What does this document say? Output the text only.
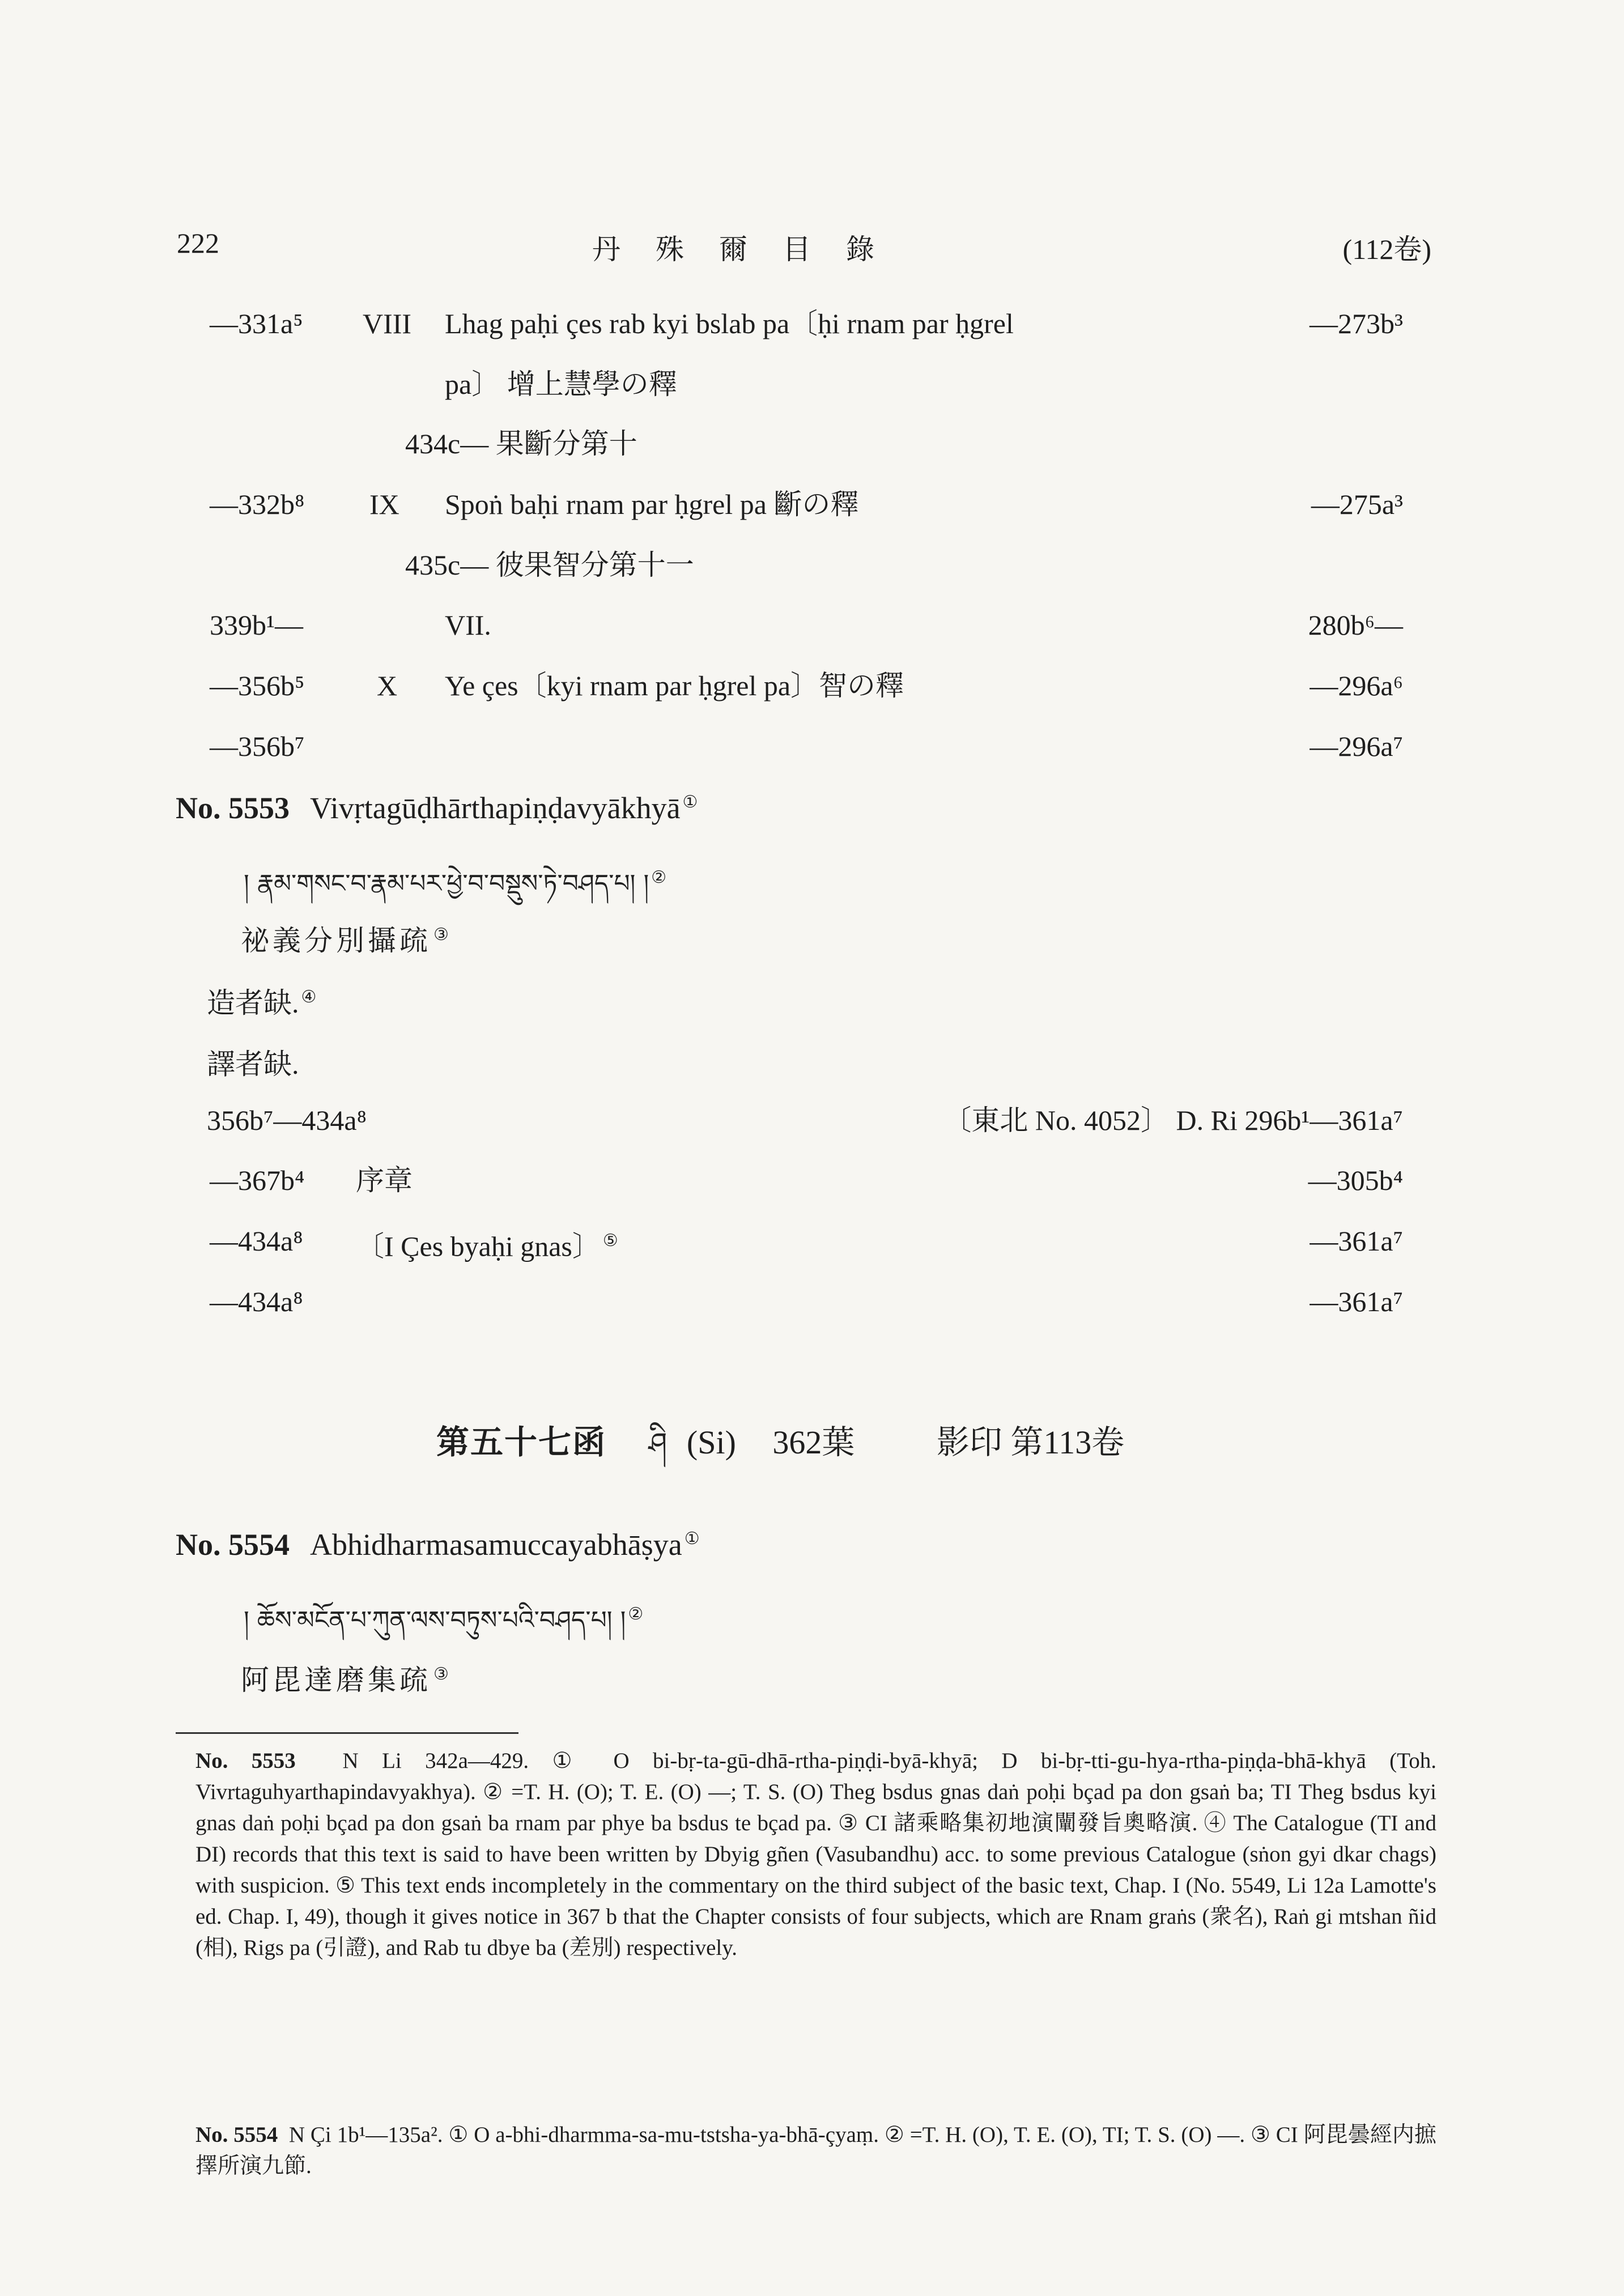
222	丹　殊　爾　目　錄	(112卷)
—331a⁵ VIII Lhag paḥi çes rab kyi bslab pa〔ḥi rnam par ḥgrel	—273b³
pa〕 增上慧學の釋
434c— 果斷分第十
—332b⁸ IX Spoṅ baḥi rnam par ḥgrel pa 斷の釋	—275a³
435c— 彼果智分第十一
339b¹—	VII.	280b⁶—
—356b⁵	X Ye çes〔kyi rnam par ḥgrel pa〕智の釋	—296a⁶
—356b⁷	—296a⁷
No. 5553 Vivṛtagūḍhārthapiṇḍavyākhyā ①
། རྣམ་གསང་བ་རྣམ་པར་ཕྱེ་བ་བསྡུས་ཏེ་བཤད་པ། ། ②
祕義分別攝疏 ③
造者缺. ④
譯者缺.
356b⁷—434a⁸	〔東北 No. 4052〕 D. Ri 296b¹—361a⁷
—367b⁴ 序章	—305b⁴
—434a⁸ 〔I Çes byaḥi gnas〕 ⑤	—361a⁷
—434a⁸	—361a⁷
第五十七函 ཤི (Si) 362葉 影印 第113卷
No. 5554 Abhidharmasamuccayabhāṣya ①
། ཆོས་མངོན་པ་ཀུན་ལས་བཏུས་པའི་བཤད་པ། ། ②
阿毘達磨集疏 ③
No. 5553 N Li 342a—429. ① O bi-bṛ-ta-gū-dhā-rtha-piṇḍi-byā-khyā; D bi-bṛ-tti-gu-hya-rtha-piṇḍa-bhā-khyā (Toh. Vivrtaguhyarthapindavyakhya). ② =T. H. (O); T. E. (O) —; T. S. (O) Theg bsdus gnas daṅ poḥi bçad pa don gsaṅ ba; TI Theg bsdus kyi gnas daṅ poḥi bçad pa don gsaṅ ba rnam par phye ba bsdus te bçad pa. ③ CI 諸乘略集初地演闡發旨奧略演. ④ The Catalogue (TI and DI) records that this text is said to have been written by Dbyig gñen (Vasubandhu) acc. to some previous Catalogue (sṅon gyi dkar chags) with suspicion. ⑤ This text ends incompletely in the commentary on the third subject of the basic text, Chap. I (No. 5549, Li 12a Lamotte's ed. Chap. I, 49), though it gives notice in 367 b that the Chapter consists of four subjects, which are Rnam graṅs (衆名), Raṅ gi mtshan ñid (相), Rigs pa (引證), and Rab tu dbye ba (差別) respectively.
No. 5554 N Çi 1b¹—135a². ① O a-bhi-dharmma-sa-mu-tstsha-ya-bhā-çyaṃ. ② =T. H. (O), T. E. (O), TI; T. S. (O) —. ③ CI 阿毘曇經内摭擇所演九節.
